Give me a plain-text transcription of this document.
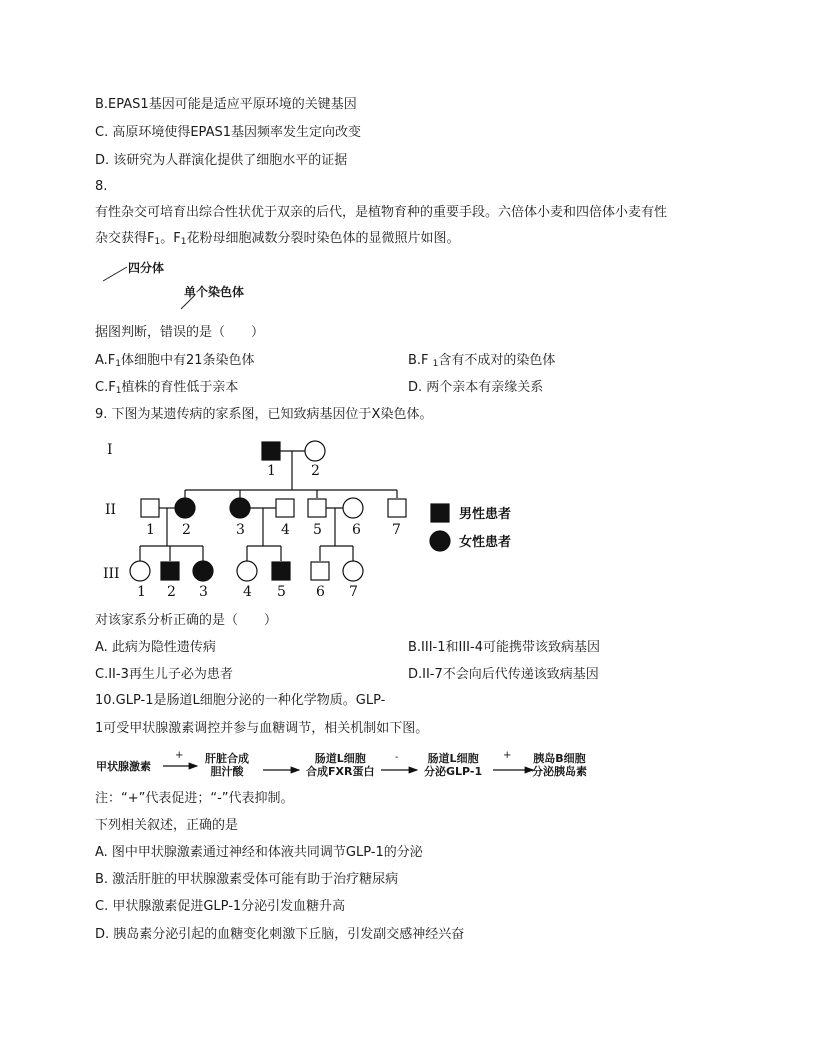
B.EPAS1基因可能是适应平原环境的关键基因
C. 高原环境使得EPAS1基因频率发生定向改变
D. 该研究为人群演化提供了细胞水平的证据
8.
有性杂交可培育出综合性状优于双亲的后代，是植物育种的重要手段。六倍体小麦和四倍体小麦有性
杂交获得$F_1$。$F_1$花粉母细胞减数分裂时染色体的显微照片如图。
四分体
单个染色体
据图判断，错误的是（　　）
$A.F_1$体细胞中有21条染色体	B.F $_1$含有不成对的染色体
$C.F_1$植株的育性低于亲本	D. 两个亲本有亲缘关系
9. 下图为某遗传病的家系图，已知致病基因位于X染色体。
I
II
III
1	2
1 2	3	4 5 6 7
1 2 3	4 5 6 7
男性患者
女性患者
对该家系分析正确的是（　　）
A. 此病为隐性遗传病	B.III-1和III-4可能携带该致病基因
C.II-3再生儿子必为患者	D.II-7不会向后代传递该致病基因
10.GLP-1是肠道L细胞分泌的一种化学物质。GLP-
1可受甲状腺激素调控并参与血糖调节，相关机制如下图。
+	-	+
甲状腺激素
肝脏合成
胆汁酸
肠道L细胞
合成FXR蛋白
肠道L细胞
分泌GLP-1
胰岛B细胞
分泌胰岛素
注：“+”代表促进；“-”代表抑制。
下列相关叙述，正确的是
A. 图中甲状腺激素通过神经和体液共同调节GLP-1的分泌
B. 激活肝脏的甲状腺激素受体可能有助于治疗糖尿病
C. 甲状腺激素促进GLP-1分泌引发血糖升高
D. 胰岛素分泌引起的血糖变化刺激下丘脑，引发副交感神经兴奋
